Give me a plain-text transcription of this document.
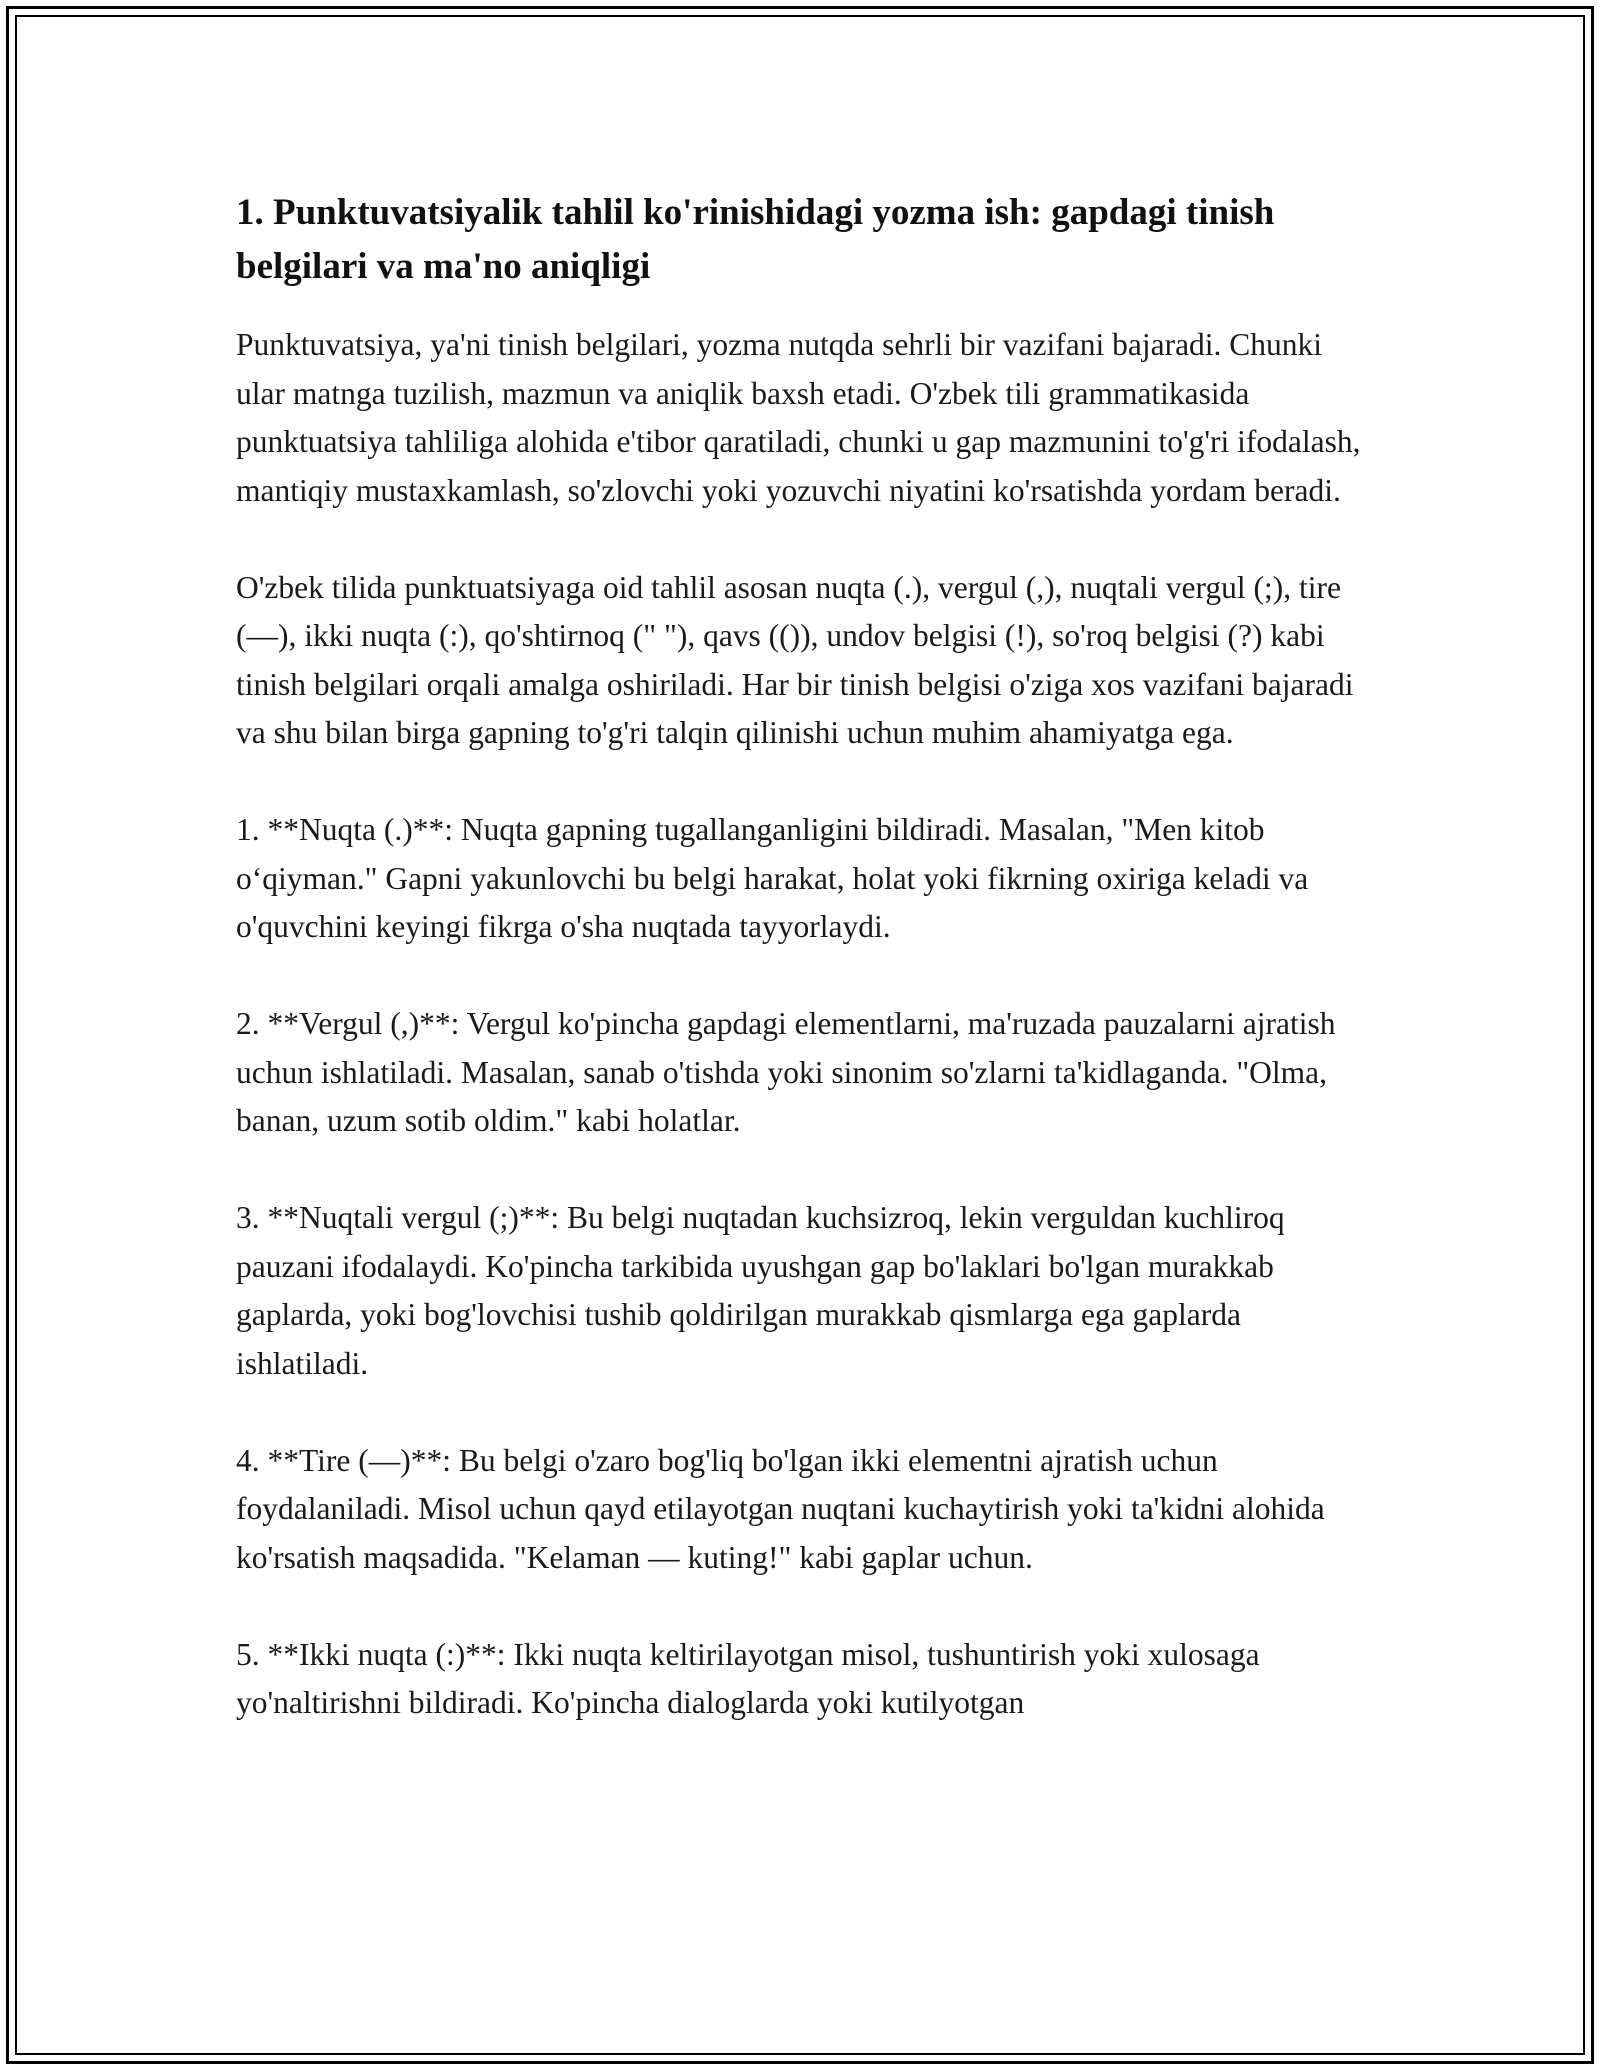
1. Punktuvatsiyalik tahlil ko'rinishidagi yozma ish: gapdagi tinish belgilari va ma'no aniqligi

Punktuvatsiya, ya'ni tinish belgilari, yozma nutqda sehrli bir vazifani bajaradi. Chunki ular matnga tuzilish, mazmun va aniqlik baxsh etadi. O'zbek tili grammatikasida punktuatsiya tahliliga alohida e'tibor qaratiladi, chunki u gap mazmunini to'g'ri ifodalash, mantiqiy mustaxkamlash, so'zlovchi yoki yozuvchi niyatini ko'rsatishda yordam beradi.

O'zbek tilida punktuatsiyaga oid tahlil asosan nuqta (.), vergul (,), nuqtali vergul (;), tire (—), ikki nuqta (:), qo'shtirnoq (" "), qavs (()), undov belgisi (!), so'roq belgisi (?) kabi tinish belgilari orqali amalga oshiriladi. Har bir tinish belgisi o'ziga xos vazifani bajaradi va shu bilan birga gapning to'g'ri talqin qilinishi uchun muhim ahamiyatga ega.

1. **Nuqta (.)**: Nuqta gapning tugallanganligini bildiradi. Masalan, "Men kitob o‘qiyman." Gapni yakunlovchi bu belgi harakat, holat yoki fikrning oxiriga keladi va o'quvchini keyingi fikrga o'sha nuqtada tayyorlaydi.

2. **Vergul (,)**: Vergul ko'pincha gapdagi elementlarni, ma'ruzada pauzalarni ajratish uchun ishlatiladi. Masalan, sanab o'tishda yoki sinonim so'zlarni ta'kidlaganda. "Olma, banan, uzum sotib oldim." kabi holatlar.

3. **Nuqtali vergul (;)**: Bu belgi nuqtadan kuchsizroq, lekin verguldan kuchliroq pauzani ifodalaydi. Ko'pincha tarkibida uyushgan gap bo'laklari bo'lgan murakkab gaplarda, yoki bog'lovchisi tushib qoldirilgan murakkab qismlarga ega gaplarda ishlatiladi.

4. **Tire (—)**: Bu belgi o'zaro bog'liq bo'lgan ikki elementni ajratish uchun foydalaniladi. Misol uchun qayd etilayotgan nuqtani kuchaytirish yoki ta'kidni alohida ko'rsatish maqsadida. "Kelaman — kuting!" kabi gaplar uchun.

5. **Ikki nuqta (:)**: Ikki nuqta keltirilayotgan misol, tushuntirish yoki xulosaga yo'naltirishni bildiradi. Ko'pincha dialoglarda yoki kutilyotgan
